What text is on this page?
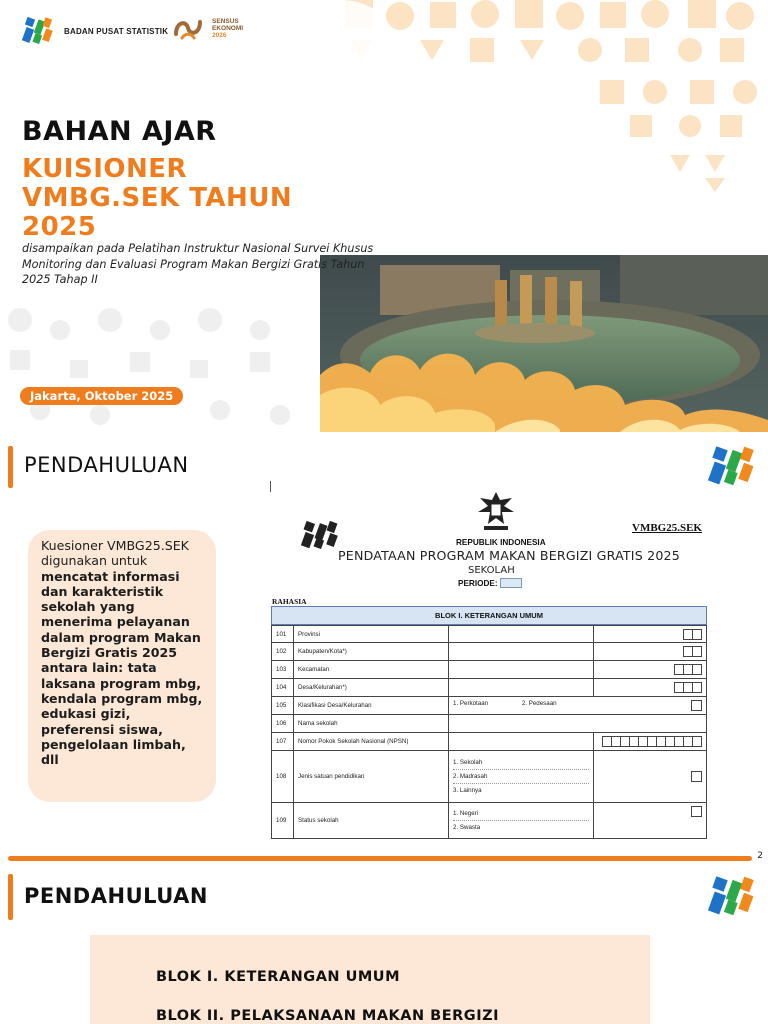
BADAN PUSAT STATISTIK
SENSUS
EKONOMI
2026
BAHAN AJAR
KUISIONER VMBG.SEK TAHUN 2025
disampaikan pada Pelatihan Instruktur Nasional Survei Khusus Monitoring dan Evaluasi Program Makan Bergizi Gratis Tahun 2025 Tahap II
Jakarta, Oktober 2025
PENDAHULUAN
Kuesioner VMBG25.SEK digunakan untuk mencatat informasi dan karakteristik sekolah yang menerima pelayanan dalam program Makan Bergizi Gratis 2025 antara lain: tata laksana program mbg, kendala program mbg, edukasi gizi, preferensi siswa, pengelolaan limbah, dll
VMBG25.SEK
REPUBLIK INDONESIA
PENDATAAN PROGRAM MAKAN BERGIZI GRATIS 2025
SEKOLAH
PERIODE:
RAHASIA
BLOK I. KETERANGAN UMUM
101	Provinsi		

102	Kabupaten/Kota*)		

103	Kecamatan		

104	Desa/Kelurahan*)		

105	Klasifikasi Desa/Kelurahan	1. Perkotaan 2. Pedesaan	

106	Nama sekolah		
107	Nomor Pokok Sekolah Nasional (NPSN)		

108	Jenis satuan pendidikan	1. Sekolah
2. Madrasah
3. Lainnya	

109	Status sekolah	1. Negeri
2. Swasta	

2
PENDAHULUAN
BLOK I. KETERANGAN UMUM
BLOK II. PELAKSANAAN MAKAN BERGIZI
